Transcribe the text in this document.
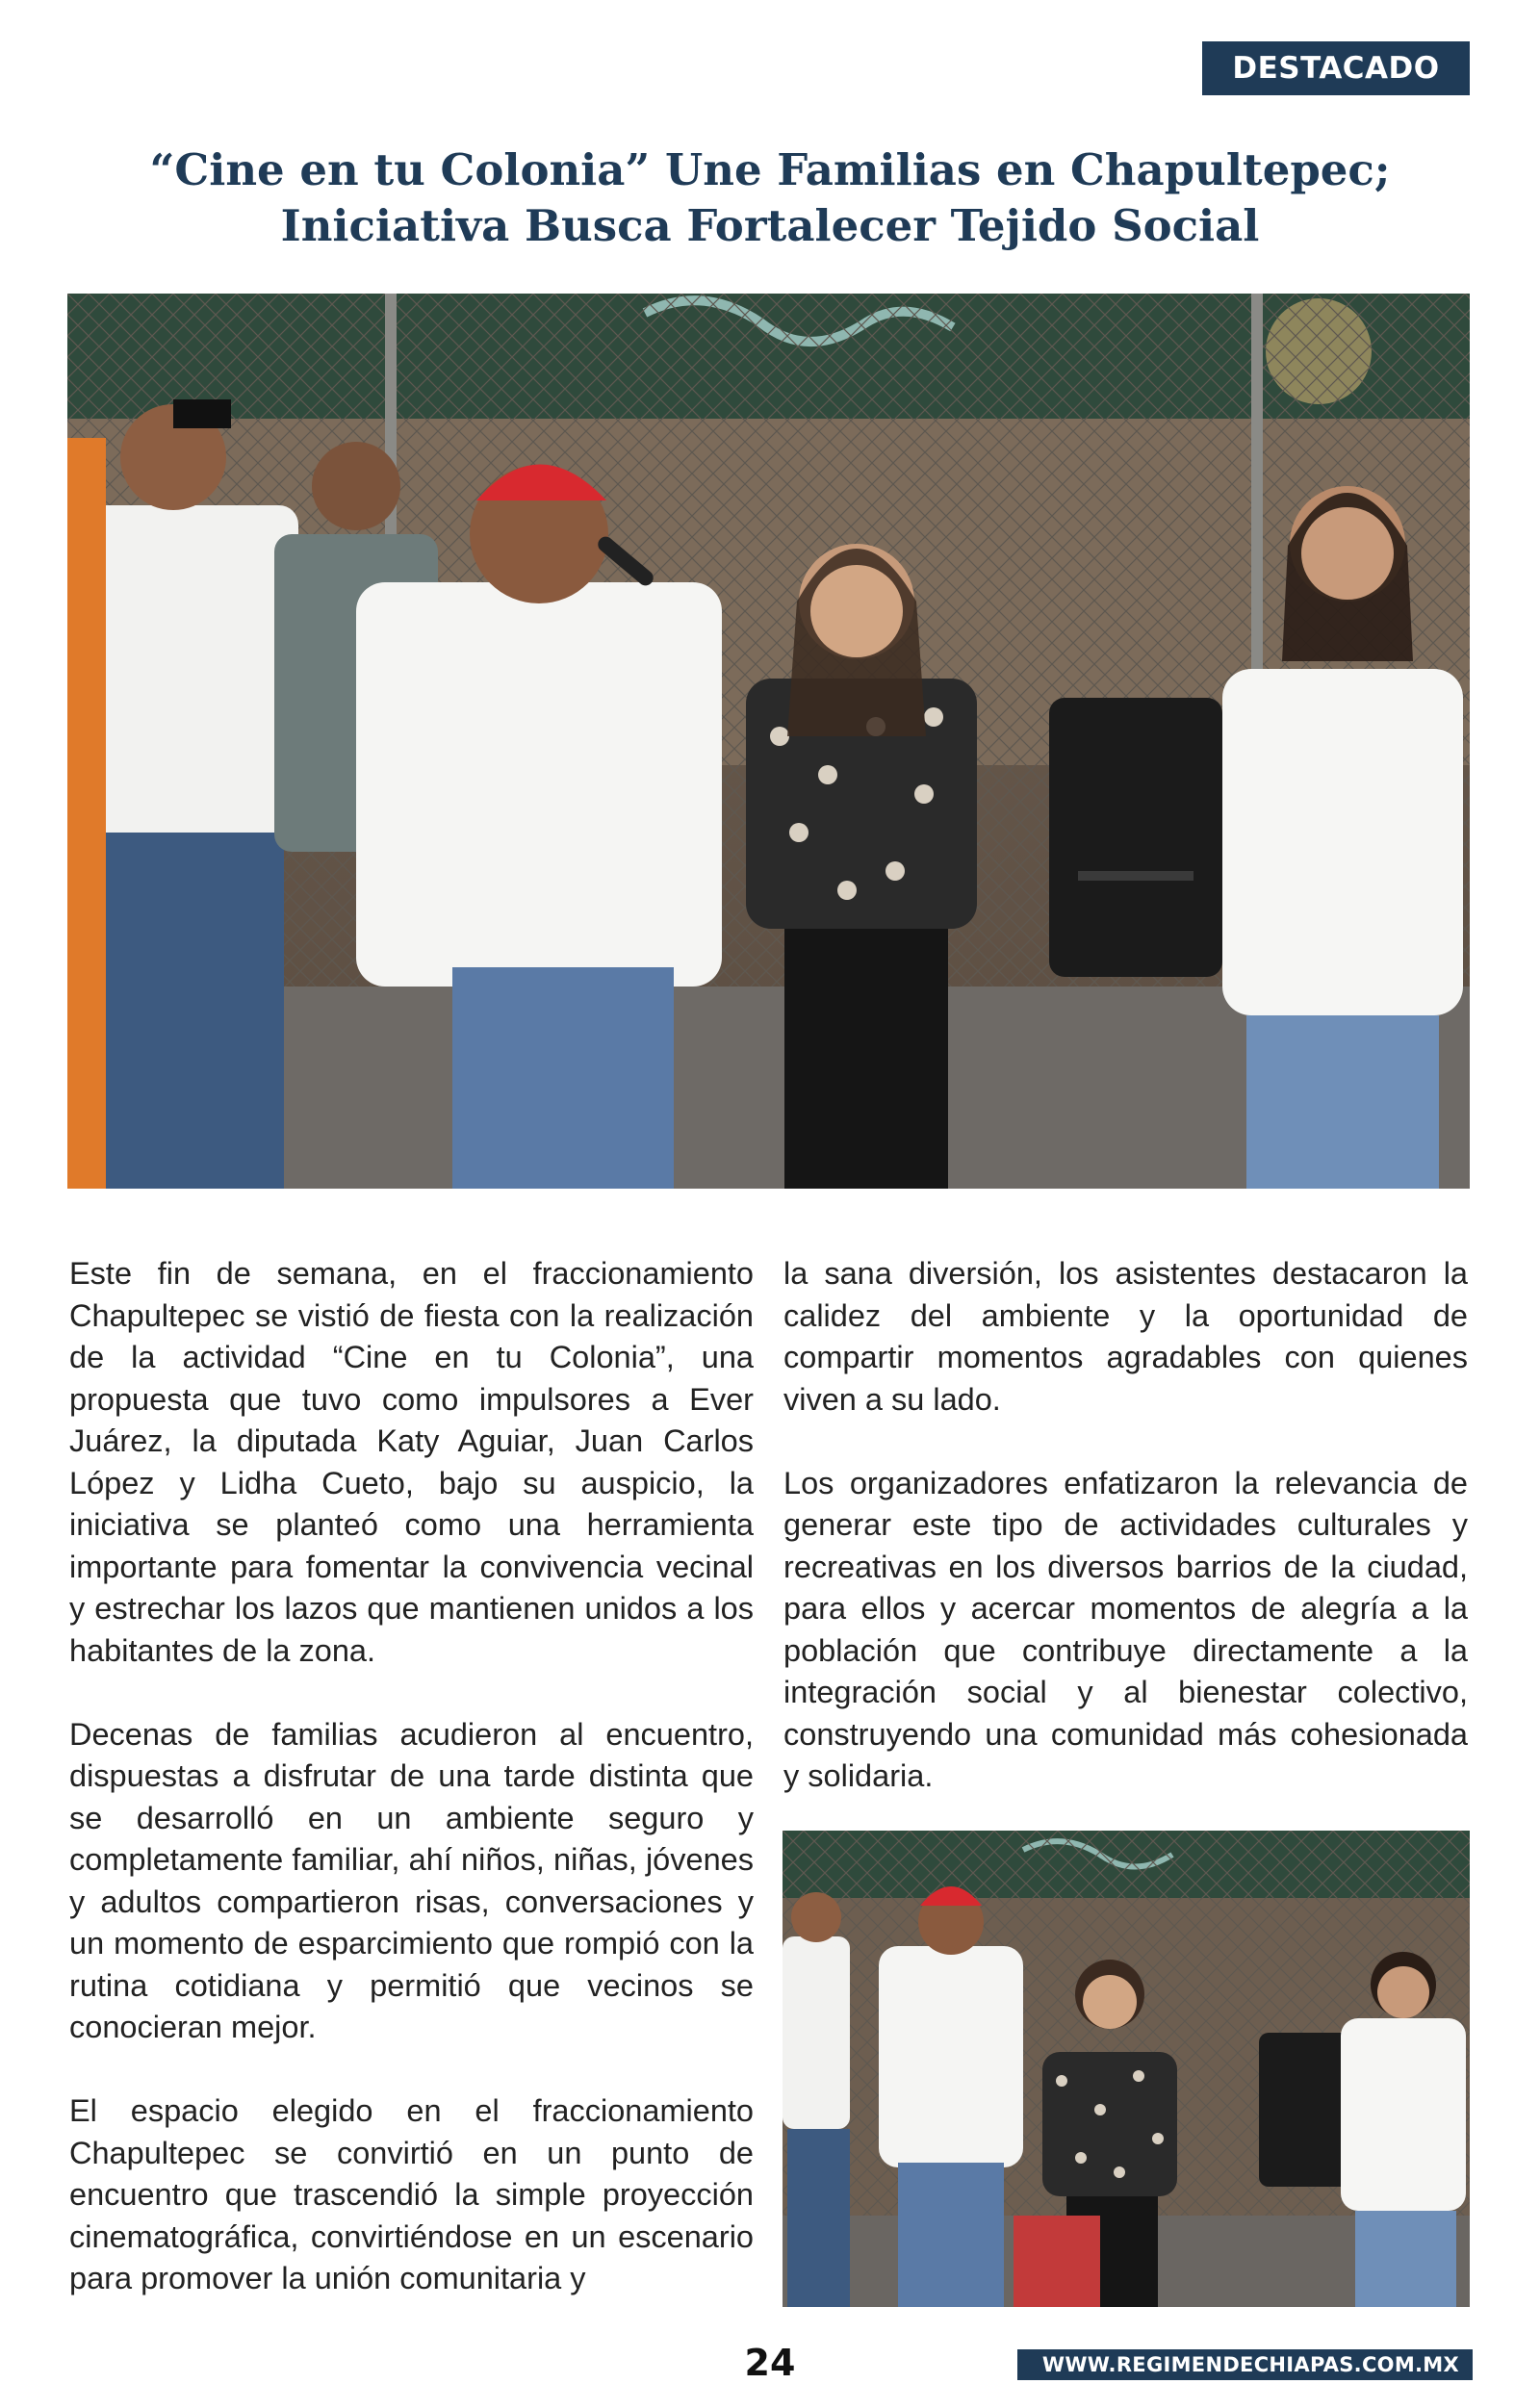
DESTACADO
“Cine en tu Colonia” Une Familias en Chapultepec; Iniciativa Busca Fortalecer Tejido Social

Este fin de semana, en el fraccionamiento Chapultepec se vistió de fiesta con la realización de la actividad “Cine en tu Colonia”, una propuesta que tuvo como impulsores a Ever Juárez, la diputada Katy Aguiar, Juan Carlos López y Lidha Cueto, bajo su auspicio, la iniciativa se planteó como una herramienta importante para fomentar la convivencia vecinal y estrechar los lazos que mantienen unidos a los habitantes de la zona.

Decenas de familias acudieron al encuentro, dispuestas a disfrutar de una tarde distinta que se desarrolló en un ambiente seguro y completamente familiar, ahí niños, niñas, jóvenes y adultos compartieron risas, conversaciones y un momento de esparcimiento que rompió con la rutina cotidiana y permitió que vecinos se conocieran mejor.

El espacio elegido en el fraccionamiento Chapultepec se convirtió en un punto de encuentro que trascendió la simple proyección cinematográfica, convirtiéndose en un escenario para promover la unión comunitaria y

la sana diversión, los asistentes destacaron la calidez del ambiente y la oportunidad de compartir momentos agradables con quienes viven a su lado.

Los organizadores enfatizaron la relevancia de generar este tipo de actividades culturales y recreativas en los diversos barrios de la ciudad, para ellos y acercar momentos de alegría a la población que contribuye directamente a la integración social y al bienestar colectivo, construyendo una comunidad más cohesionada y solidaria.

24	WWW.REGIMENDECHIAPAS.COM.MX
